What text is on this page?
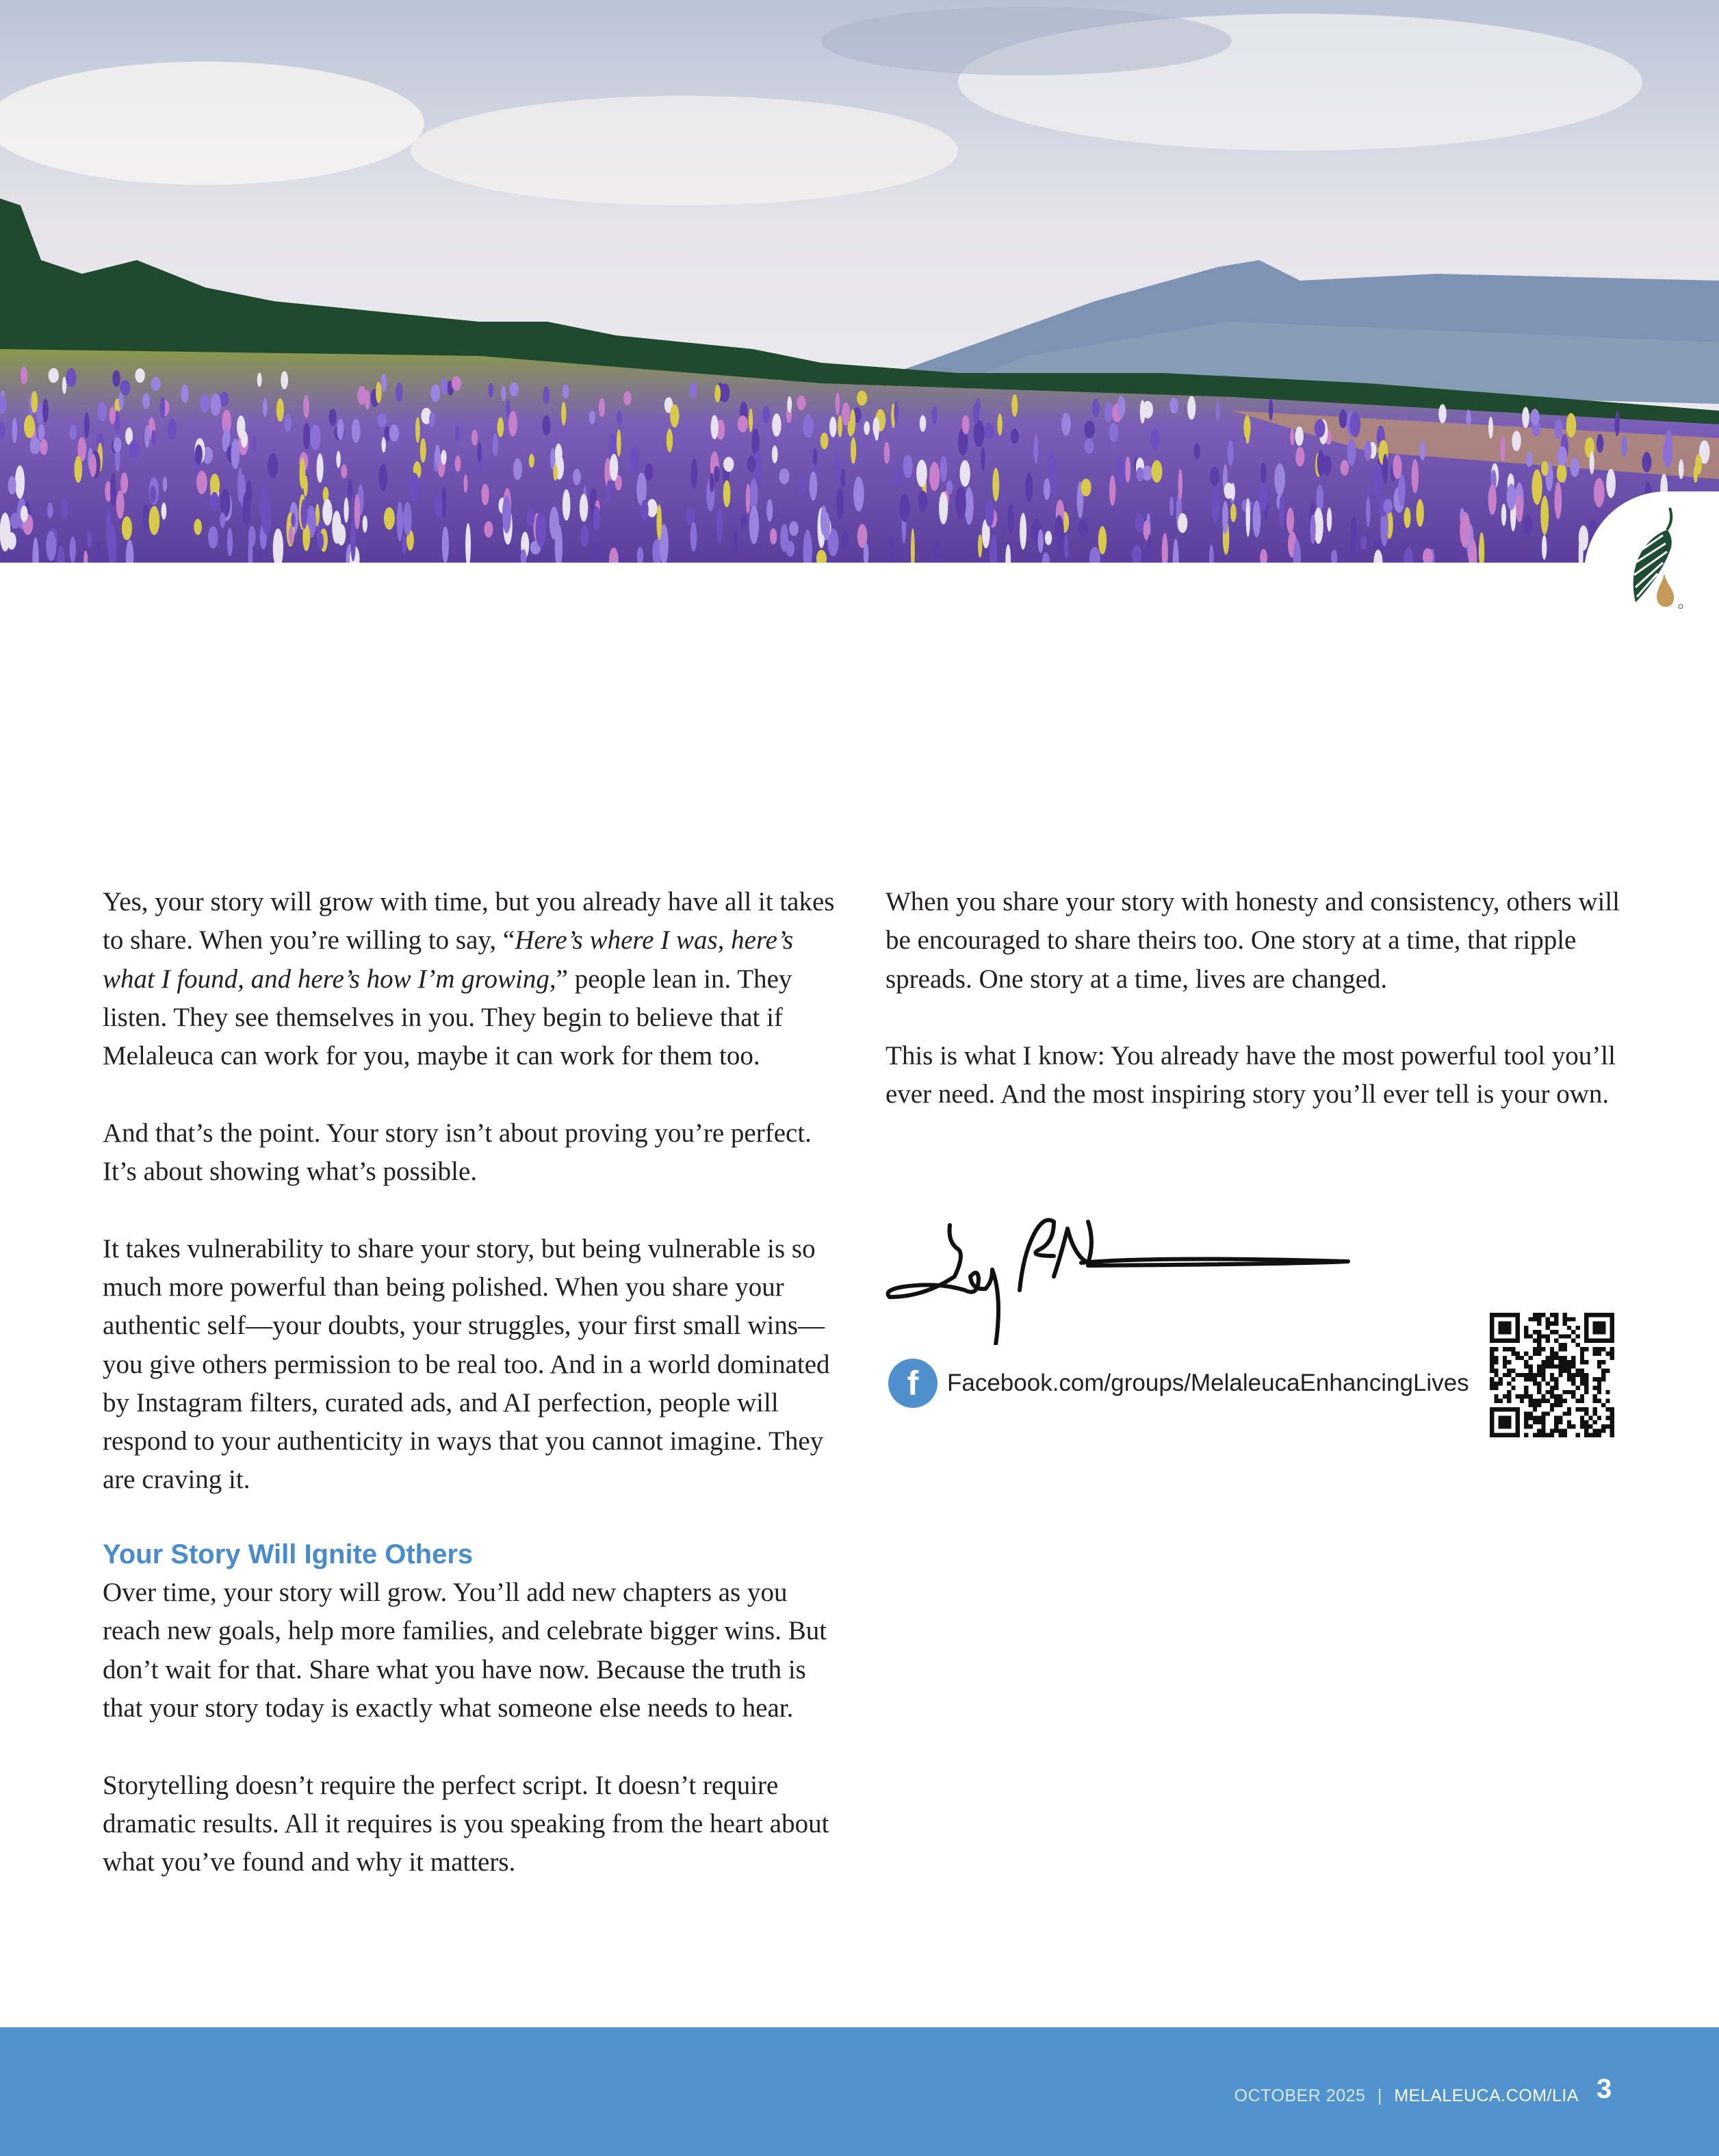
Yes, your story will grow with time, but you already have all it takes to share. When you’re willing to say, “Here’s where I was, here’s what I found, and here’s how I’m growing,” people lean in. They listen. They see themselves in you. They begin to believe that if Melaleuca can work for you, maybe it can work for them too.

And that’s the point. Your story isn’t about proving you’re perfect. It’s about showing what’s possible.

It takes vulnerability to share your story, but being vulnerable is so much more powerful than being polished. When you share your authentic self—your doubts, your struggles, your first small wins—you give others permission to be real too. And in a world dominated by Instagram filters, curated ads, and AI perfection, people will respond to your authenticity in ways that you cannot imagine. They are craving it.

Your Story Will Ignite Others

Over time, your story will grow. You’ll add new chapters as you reach new goals, help more families, and celebrate bigger wins. But don’t wait for that. Share what you have now. Because the truth is that your story today is exactly what someone else needs to hear.

Storytelling doesn’t require the perfect script. It doesn’t require dramatic results. All it requires is you speaking from the heart about what you’ve found and why it matters.

When you share your story with honesty and consistency, others will be encouraged to share theirs too. One story at a time, that ripple spreads. One story at a time, lives are changed.

This is what I know: You already have the most powerful tool you’ll ever need. And the most inspiring story you’ll ever tell is your own.

f	Facebook.com/groups/MelaleucaEnhancingLives
OCTOBER 2025 | MELALEUCA.COM/LIA 3
